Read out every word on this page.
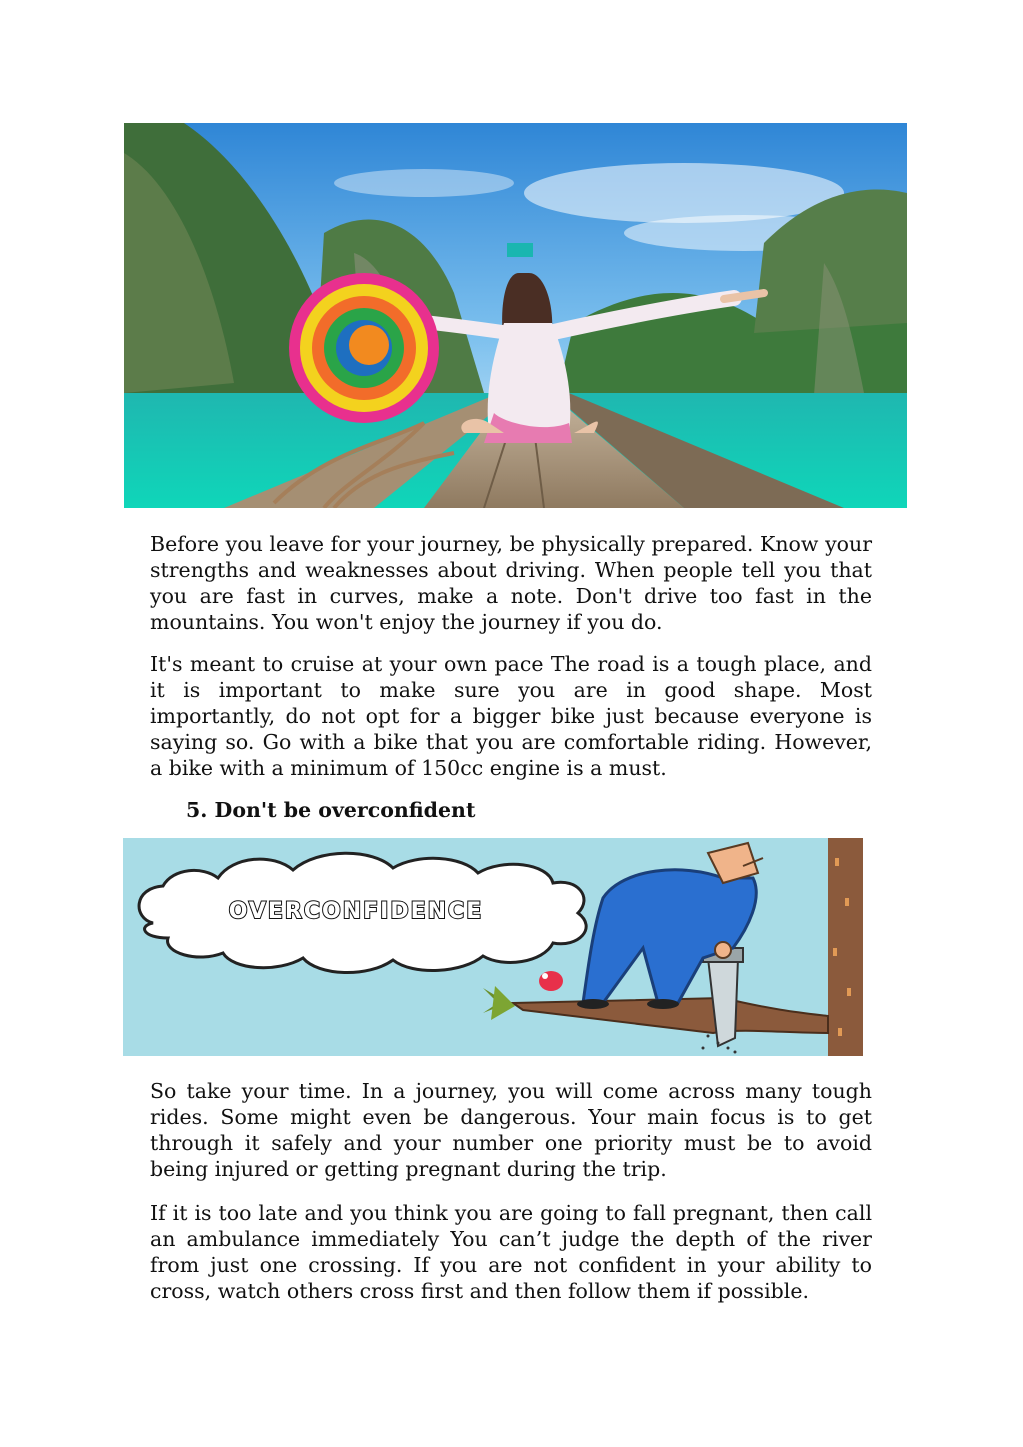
Before you leave for your journey, be physically prepared. Know your strengths and weaknesses about driving. When people tell you that you are fast in curves, make a note. Don't drive too fast in the mountains. You won't enjoy the journey if you do.

It's meant to cruise at your own pace The road is a tough place, and it is important to make sure you are in good shape. Most importantly, do not opt for a bigger bike just because everyone is saying so. Go with a bike that you are comfortable riding. However, a bike with a minimum of 150cc engine is a must.

5. Don't be overconfident
OVERCONFIDENCE

So take your time. In a journey, you will come across many tough rides. Some might even be dangerous. Your main focus is to get through it safely and your number one priority must be to avoid being injured or getting pregnant during the trip.

If it is too late and you think you are going to fall pregnant, then call an ambulance immediately You can’t judge the depth of the river from just one crossing. If you are not confident in your ability to cross, watch others cross first and then follow them if possible.
